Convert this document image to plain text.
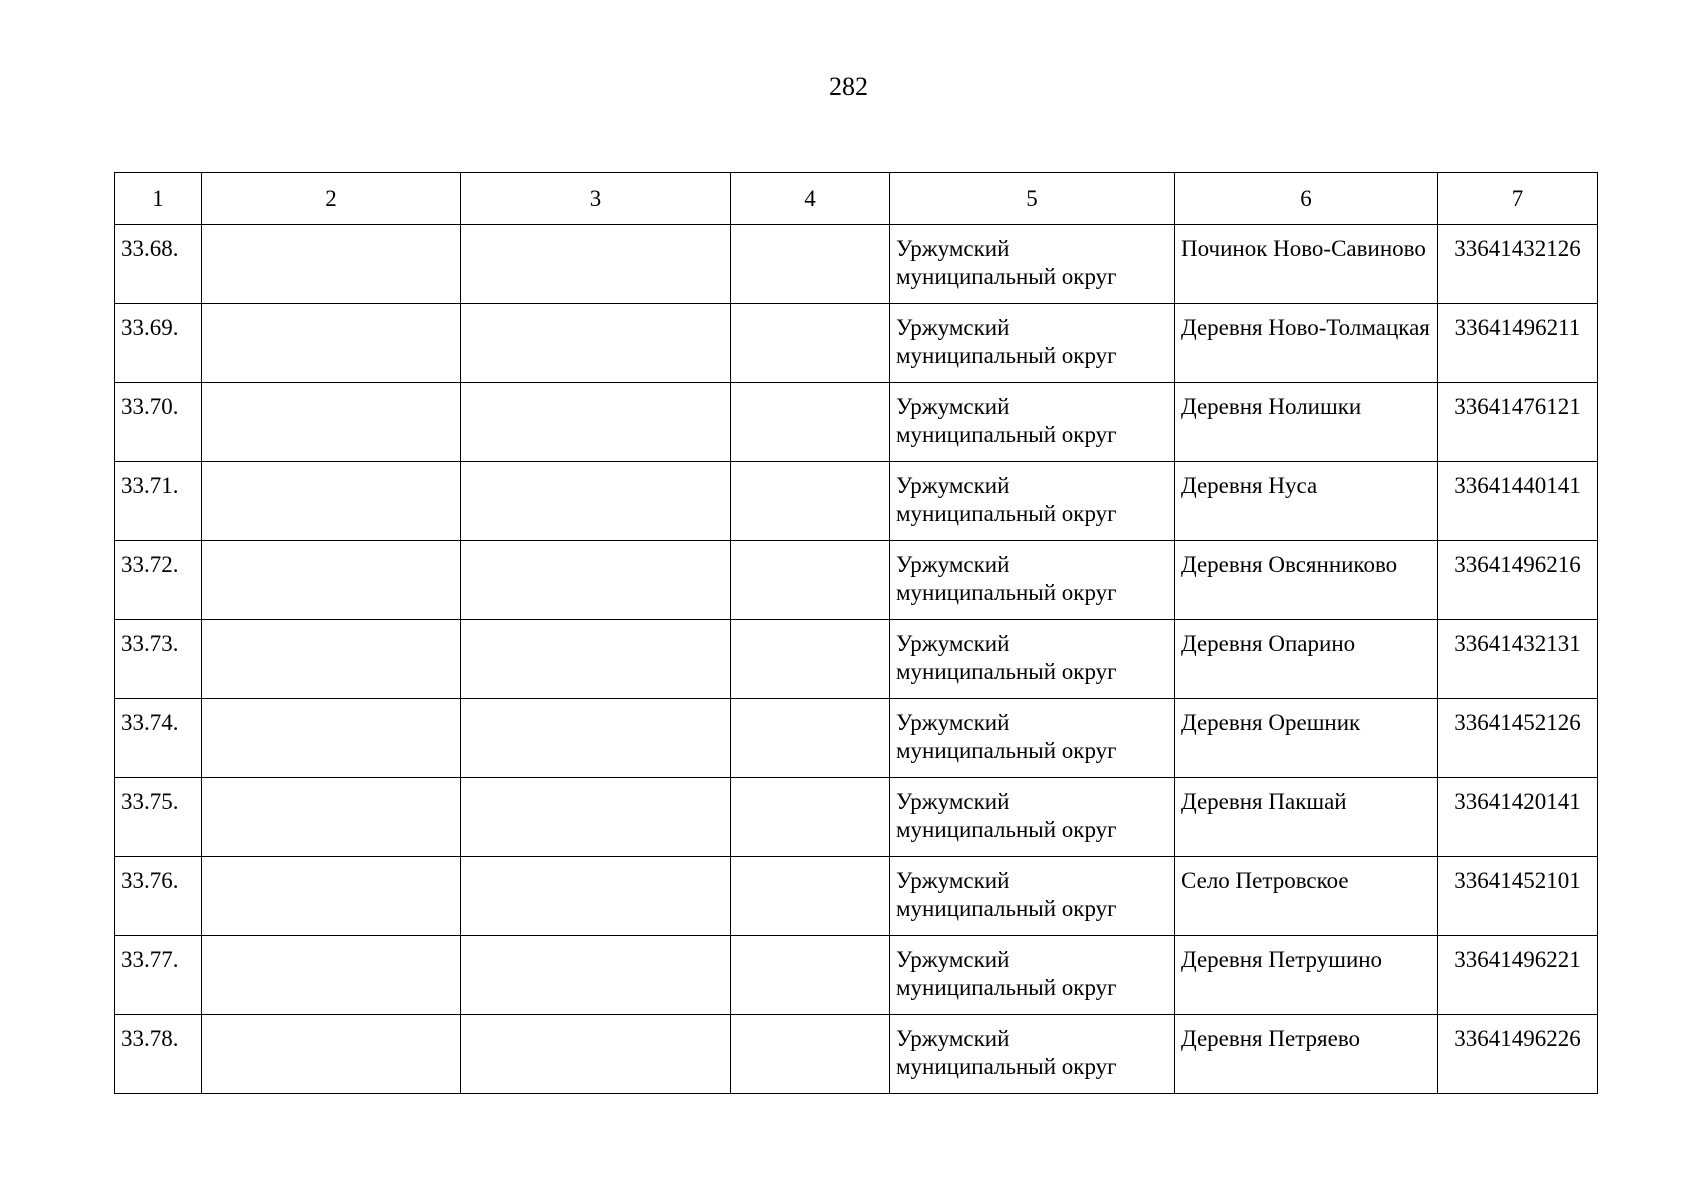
282
1	2	3	4	5	6	7
33.68.				Уржумский муниципальный округ	Починок Ново-Савиново	33641432126
33.69.				Уржумский муниципальный округ	Деревня Ново-Толмацкая	33641496211
33.70.				Уржумский муниципальный округ	Деревня Нолишки	33641476121
33.71.				Уржумский муниципальный округ	Деревня Нуса	33641440141
33.72.				Уржумский муниципальный округ	Деревня Овсянниково	33641496216
33.73.				Уржумский муниципальный округ	Деревня Опарино	33641432131
33.74.				Уржумский муниципальный округ	Деревня Орешник	33641452126
33.75.				Уржумский муниципальный округ	Деревня Пакшай	33641420141
33.76.				Уржумский муниципальный округ	Село Петровское	33641452101
33.77.				Уржумский муниципальный округ	Деревня Петрушино	33641496221
33.78.				Уржумский муниципальный округ	Деревня Петряево	33641496226
